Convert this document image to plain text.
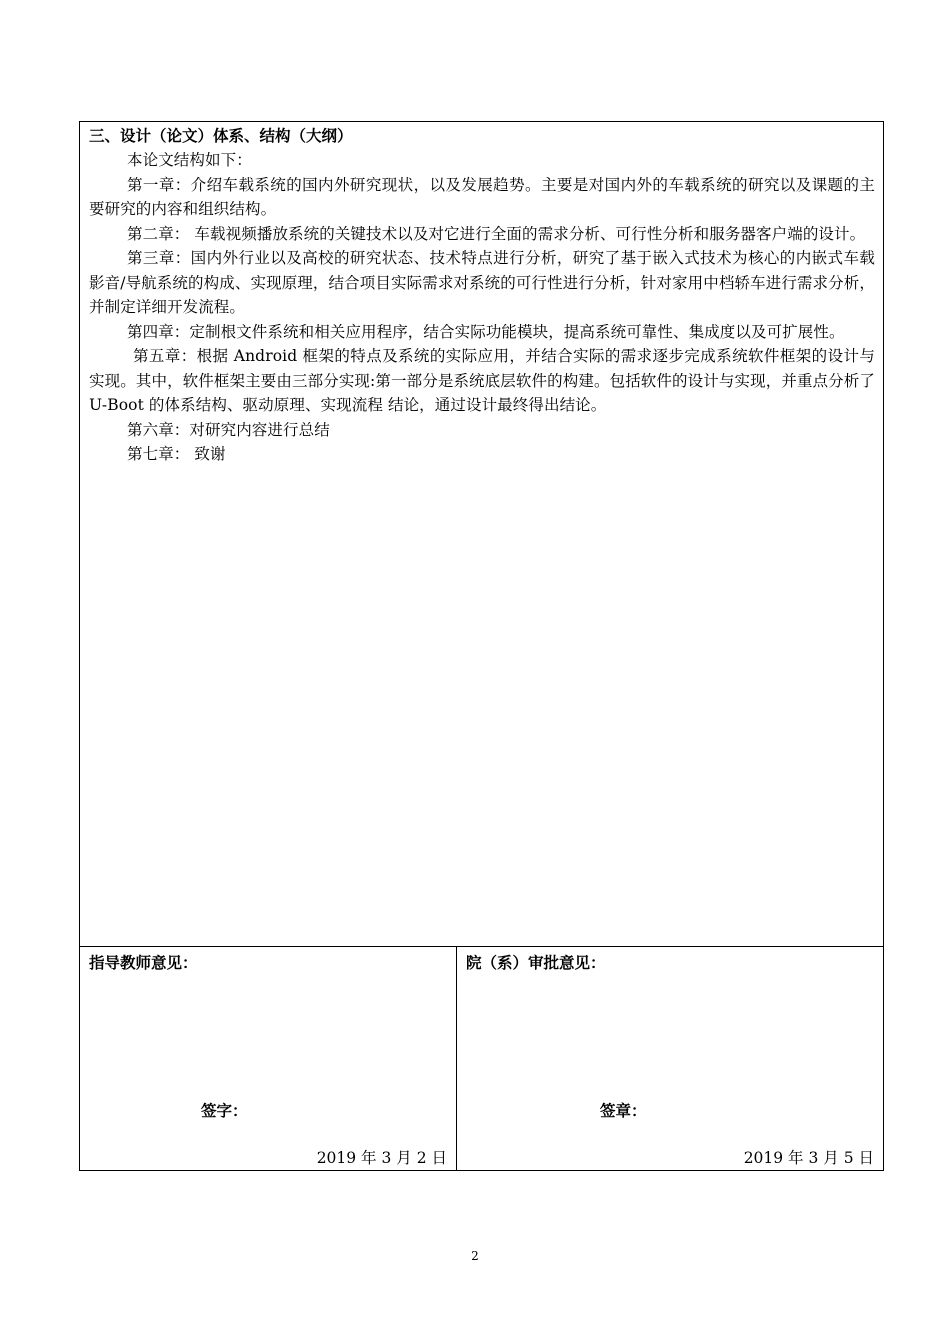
三、设计（论文）体系、结构（大纲）

本论文结构如下：

第一章：介绍车载系统的国内外研究现状，以及发展趋势。主要是对国内外的车载系统的研究以及课题的主要研究的内容和组织结构。

第二章： 车载视频播放系统的关键技术以及对它进行全面的需求分析、可行性分析和服务器客户端的设计。

第三章：国内外行业以及高校的研究状态、技术特点进行分析，研究了基于嵌入式技术为核心的内嵌式车载影音/导航系统的构成、实现原理，结合项目实际需求对系统的可行性进行分析，针对家用中档轿车进行需求分析，并制定详细开发流程。

第四章：定制根文件系统和相关应用程序，结合实际功能模块，提高系统可靠性、集成度以及可扩展性。

第五章：根据 Android 框架的特点及系统的实际应用，并结合实际的需求逐步完成系统软件框架的设计与实现。其中，软件框架主要由三部分实现:第一部分是系统底层软件的构建。包括软件的设计与实现，并重点分析了 U-Boot 的体系结构、驱动原理、实现流程 结论，通过设计最终得出结论。

第六章：对研究内容进行总结

第七章： 致谢

指导教师意见：
签字：
2019 年 3 月 2 日
院（系）审批意见：
签章：
2019 年 3 月 5 日
2
